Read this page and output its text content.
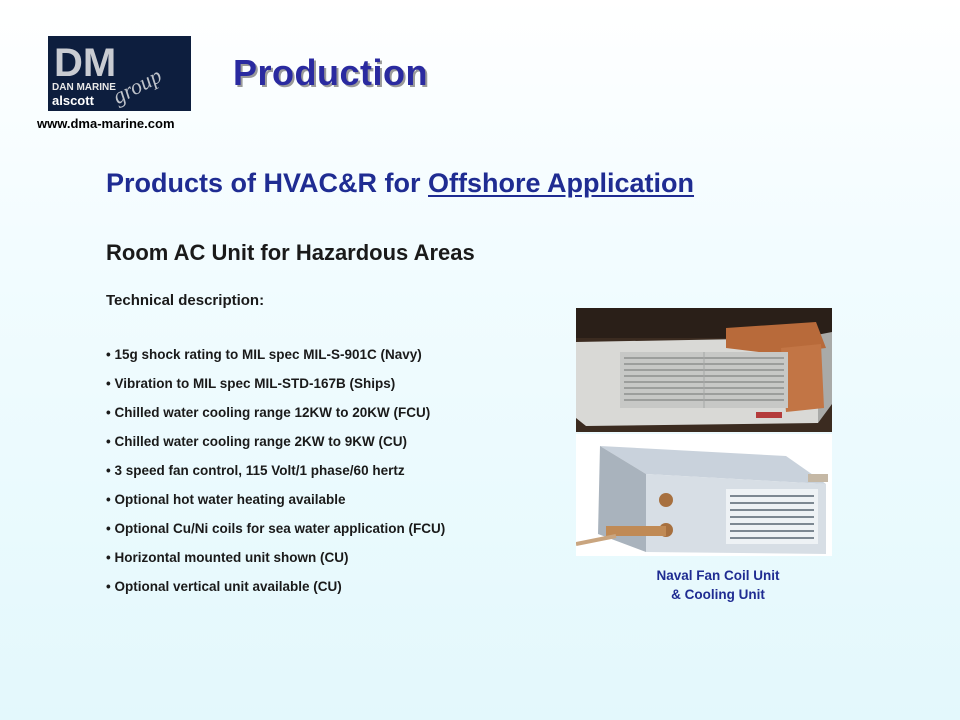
DM
group
DAN MARINE
alscott
www.dma-marine.com
Production
Products of HVAC&R for Offshore Application
Room AC Unit for Hazardous Areas
Technical description:
• 15g shock rating to MIL spec MIL-S-901C (Navy)
• Vibration to MIL spec MIL-STD-167B (Ships)
• Chilled water cooling range 12KW to 20KW (FCU)
• Chilled water cooling range 2KW to 9KW (CU)
• 3 speed fan control, 115 Volt/1 phase/60 hertz
• Optional hot water heating available
• Optional Cu/Ni coils for sea water application (FCU)
• Horizontal mounted unit shown (CU)
• Optional vertical unit available (CU)
Naval Fan Coil Unit
& Cooling Unit
